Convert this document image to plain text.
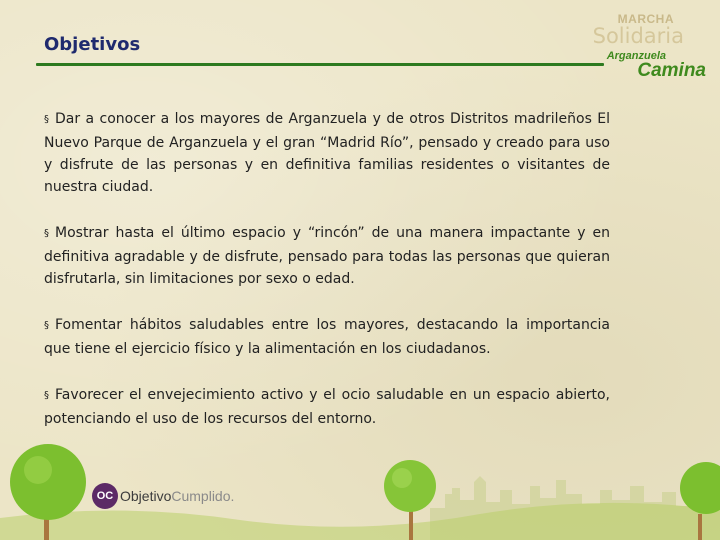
Objetivos
MARCHA
Solidaria
Arganzuela
Camina

§ Dar a conocer a los mayores de Arganzuela y de otros Distritos madrileños El Nuevo Parque de Arganzuela y el gran “Madrid Río”, pensado y creado para uso y disfrute de las personas y en definitiva familias residentes o visitantes de nuestra ciudad.

§ Mostrar hasta el último espacio y “rincón” de una manera impactante y en definitiva agradable y de disfrute, pensado para todas las personas que quieran disfrutarla, sin limitaciones por sexo o edad.

§ Fomentar hábitos saludables entre los mayores, destacando la importancia que tiene el ejercicio físico y la alimentación en los ciudadanos.

§ Favorecer el envejecimiento activo y el ocio saludable en un espacio abierto, potenciando el uso de los recursos del entorno.

OC ObjetivoCumplido.
